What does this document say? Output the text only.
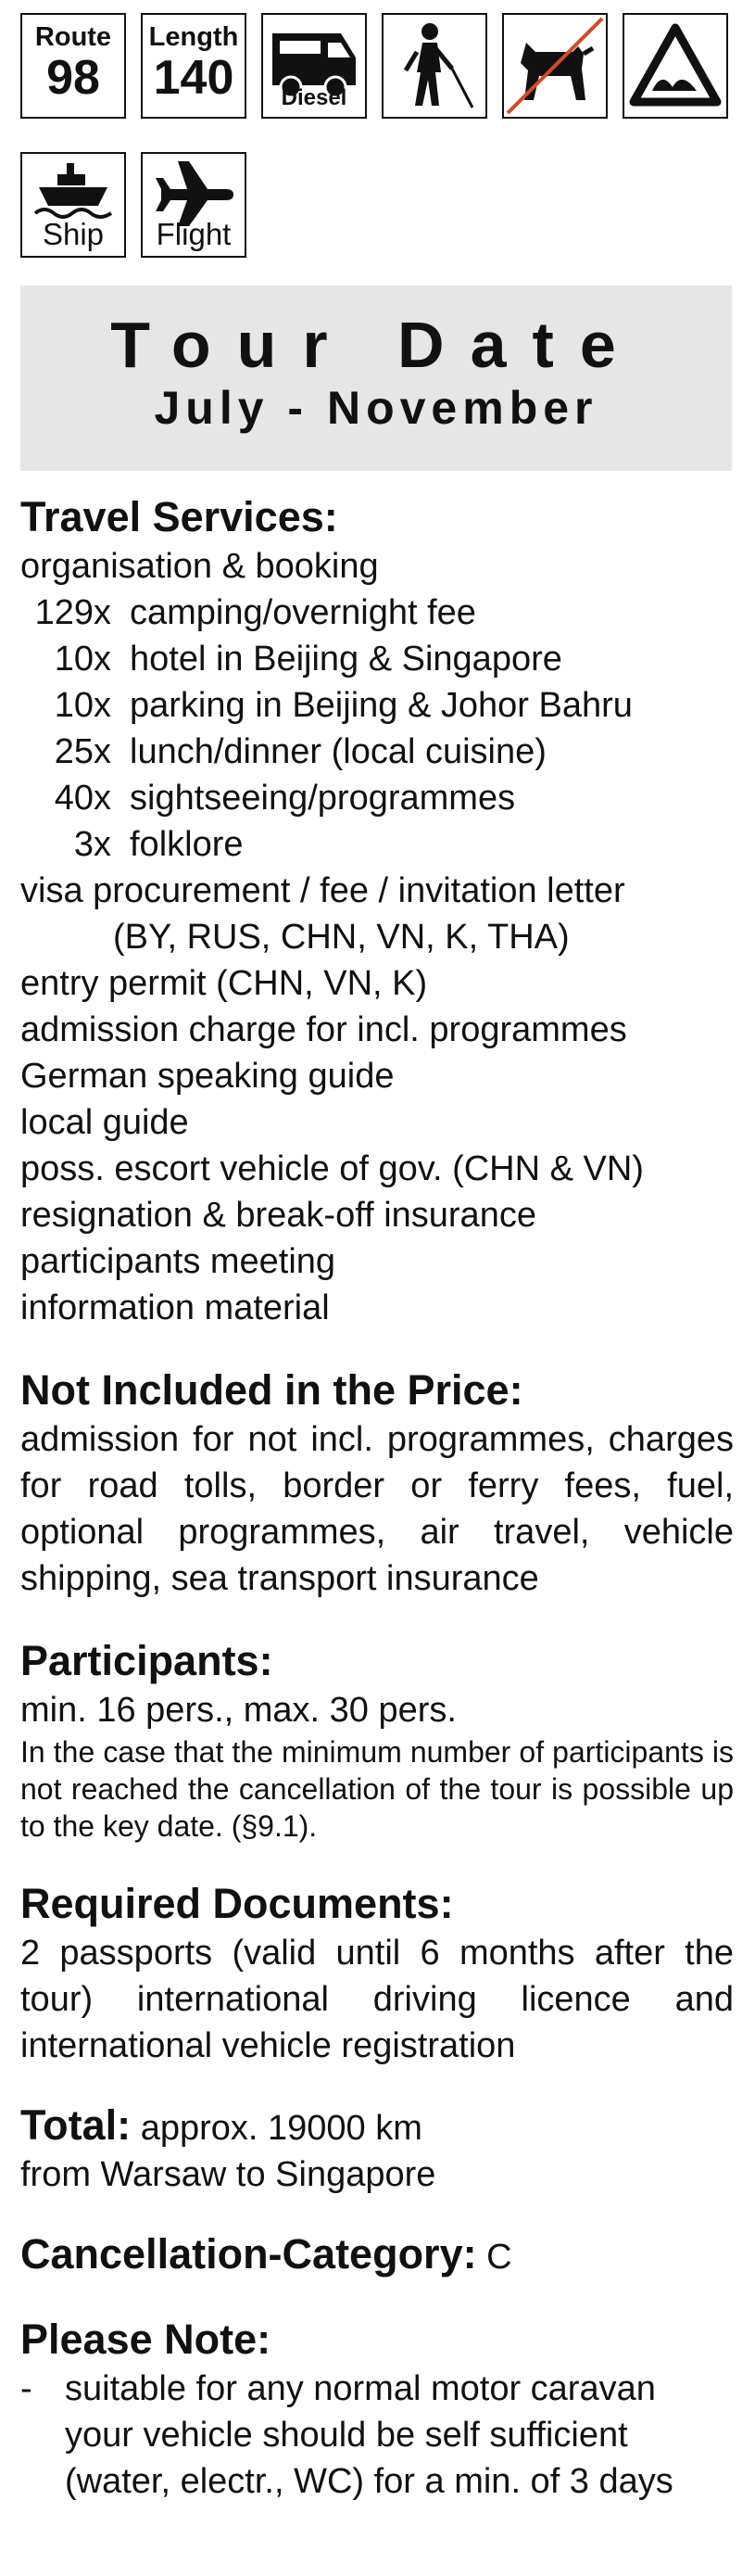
Route
98
Length
140	Diesel
Ship	Flight
Tour Date
July - November
Travel Services:
organisation & booking
129x camping/overnight fee
10x hotel in Beijing & Singapore
10x parking in Beijing & Johor Bahru
25x lunch/dinner (local cuisine)
40x sightseeing/programmes
3x folklore
visa procurement / fee / invitation letter
(BY, RUS, CHN, VN, K, THA)
entry permit (CHN, VN, K)
admission charge for incl. programmes
German speaking guide
local guide
poss. escort vehicle of gov. (CHN & VN)
resignation & break-off insurance
participants meeting
information material
Not Included in the Price:
admission for not incl. programmes, charges for road tolls, border or ferry fees, fuel, optional programmes, air travel, vehicle shipping, sea transport insurance
Participants:
min. 16 pers., max. 30 pers.
In the case that the minimum number of participants is not reached the cancellation of the tour is possible up to the key date. (§9.1).
Required Documents:
2 passports (valid until 6 months after the tour) international driving licence and international vehicle registration
Total: approx. 19000 km
from Warsaw to Singapore
Cancellation-Category: C
Please Note:
- suitable for any normal motor caravan
your vehicle should be self sufficient
(water, electr., WC) for a min. of 3 days
